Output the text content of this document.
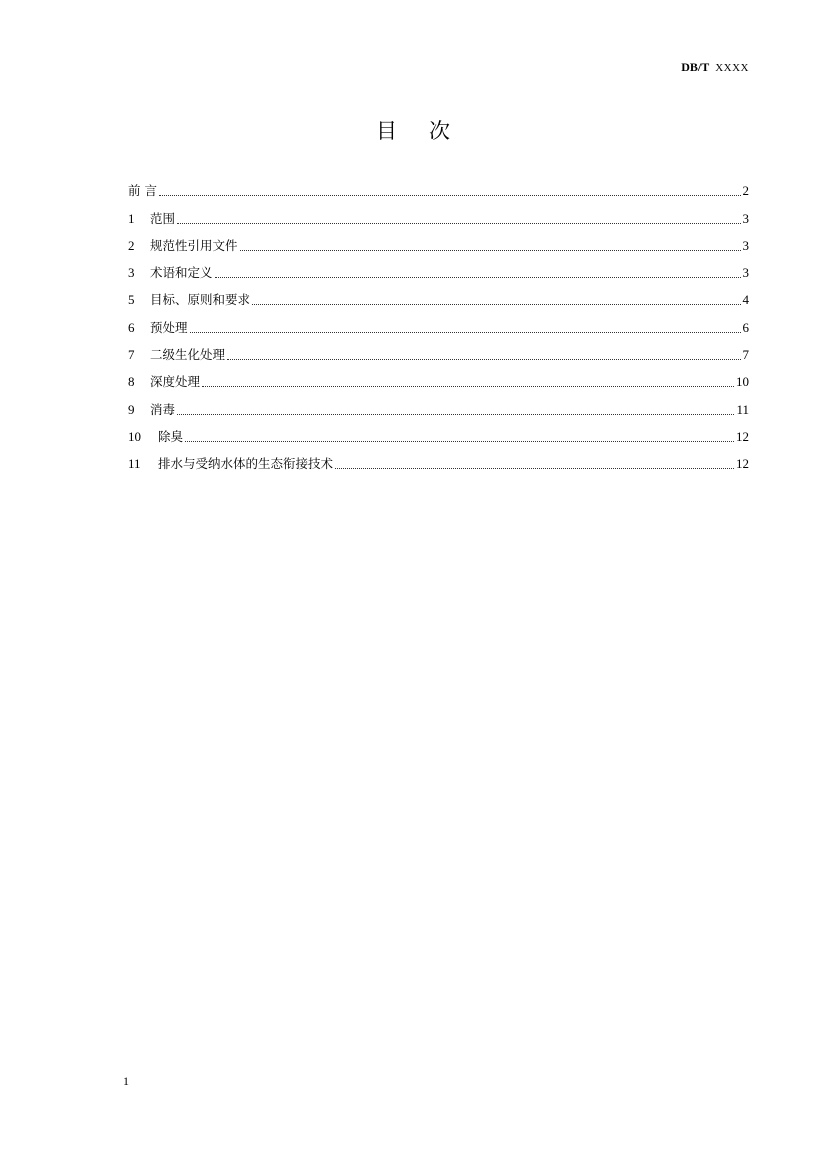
DB/T XXXX
目次
前 言	2
1	范围	3
2	规范性引用文件	3
3	术语和定义	3
5	目标、原则和要求	4
6	预处理	6
7	二级生化处理	7
8	深度处理	10
9	消毒	11
10	除臭	12
11	排水与受纳水体的生态衔接技术	12
1
